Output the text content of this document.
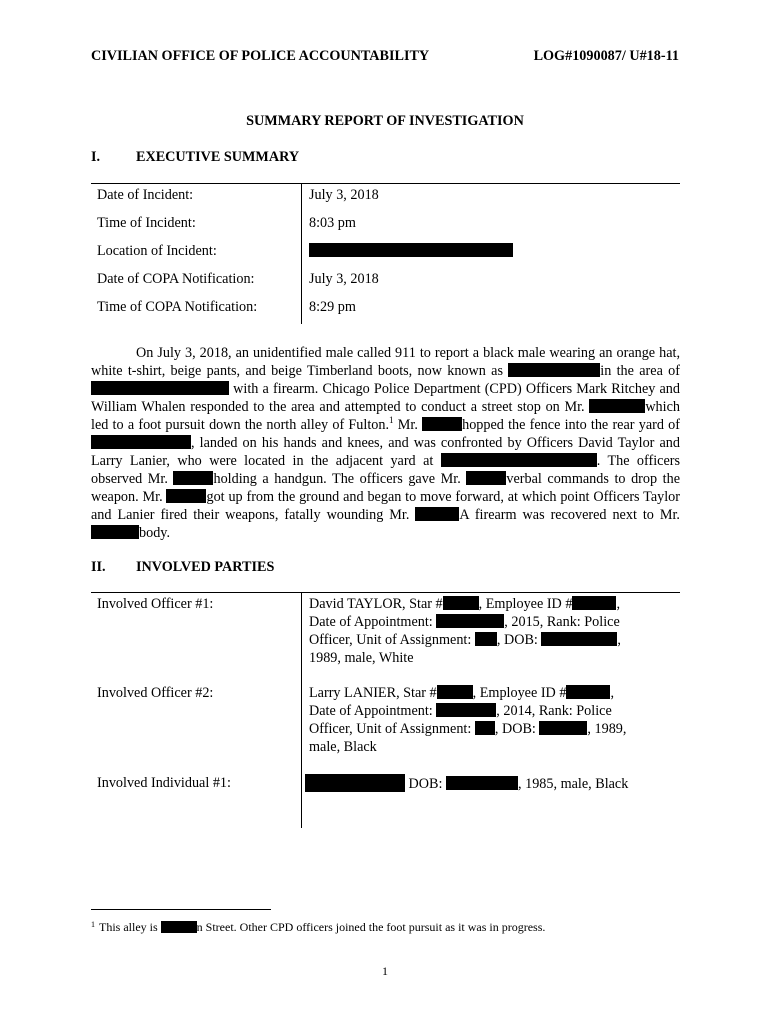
CIVILIAN OFFICE OF POLICE ACCOUNTABILITY	LOG#1090087/ U#18-11
SUMMARY REPORT OF INVESTIGATION
I.	EXECUTIVE SUMMARY
Date of Incident:	July 3, 2018
Time of Incident:	8:03 pm
Location of Incident:
Date of COPA Notification:	July 3, 2018
Time of COPA Notification:	8:29 pm

On July 3, 2018, an unidentified male called 911 to report a black male wearing an orange hat, white t-shirt, beige pants, and beige Timberland boots, now known as	in the area of  with a firearm. Chicago Police Department (CPD) Officers Mark Ritchey and William Whalen responded to the area and attempted to conduct a street stop on Mr.	which led to a foot pursuit down the north alley of Fulton.$^1$ Mr.	hopped the fence into the rear yard of , landed on his hands and knees, and was confronted by Officers David Taylor and Larry Lanier, who were located in the adjacent yard at	. The officers observed Mr.	holding a handgun. The officers gave Mr.	verbal commands to drop the weapon. Mr.	got up from the ground and began to move forward, at which point Officers Taylor and Lanier fired their weapons, fatally wounding Mr.	A firearm was recovered next to Mr. body.

II. INVOLVED PARTIES
Involved Officer #1:	David TAYLOR, Star #	, Employee ID #	, Date of Appointment:	, 2015, Rank: Police Officer, Unit of Assignment: , DOB:	, 1989, male, White
Involved Officer #2:	Larry LANIER, Star #	, Employee ID #	, Date of Appointment:	, 2014, Rank: Police Officer, Unit of Assignment: , DOB:	, 1989, male, Black
Involved Individual #1:	DOB:	, 1985, male, Black
$^1$ This alley is	n Street. Other CPD officers joined the foot pursuit as it was in progress.
1
